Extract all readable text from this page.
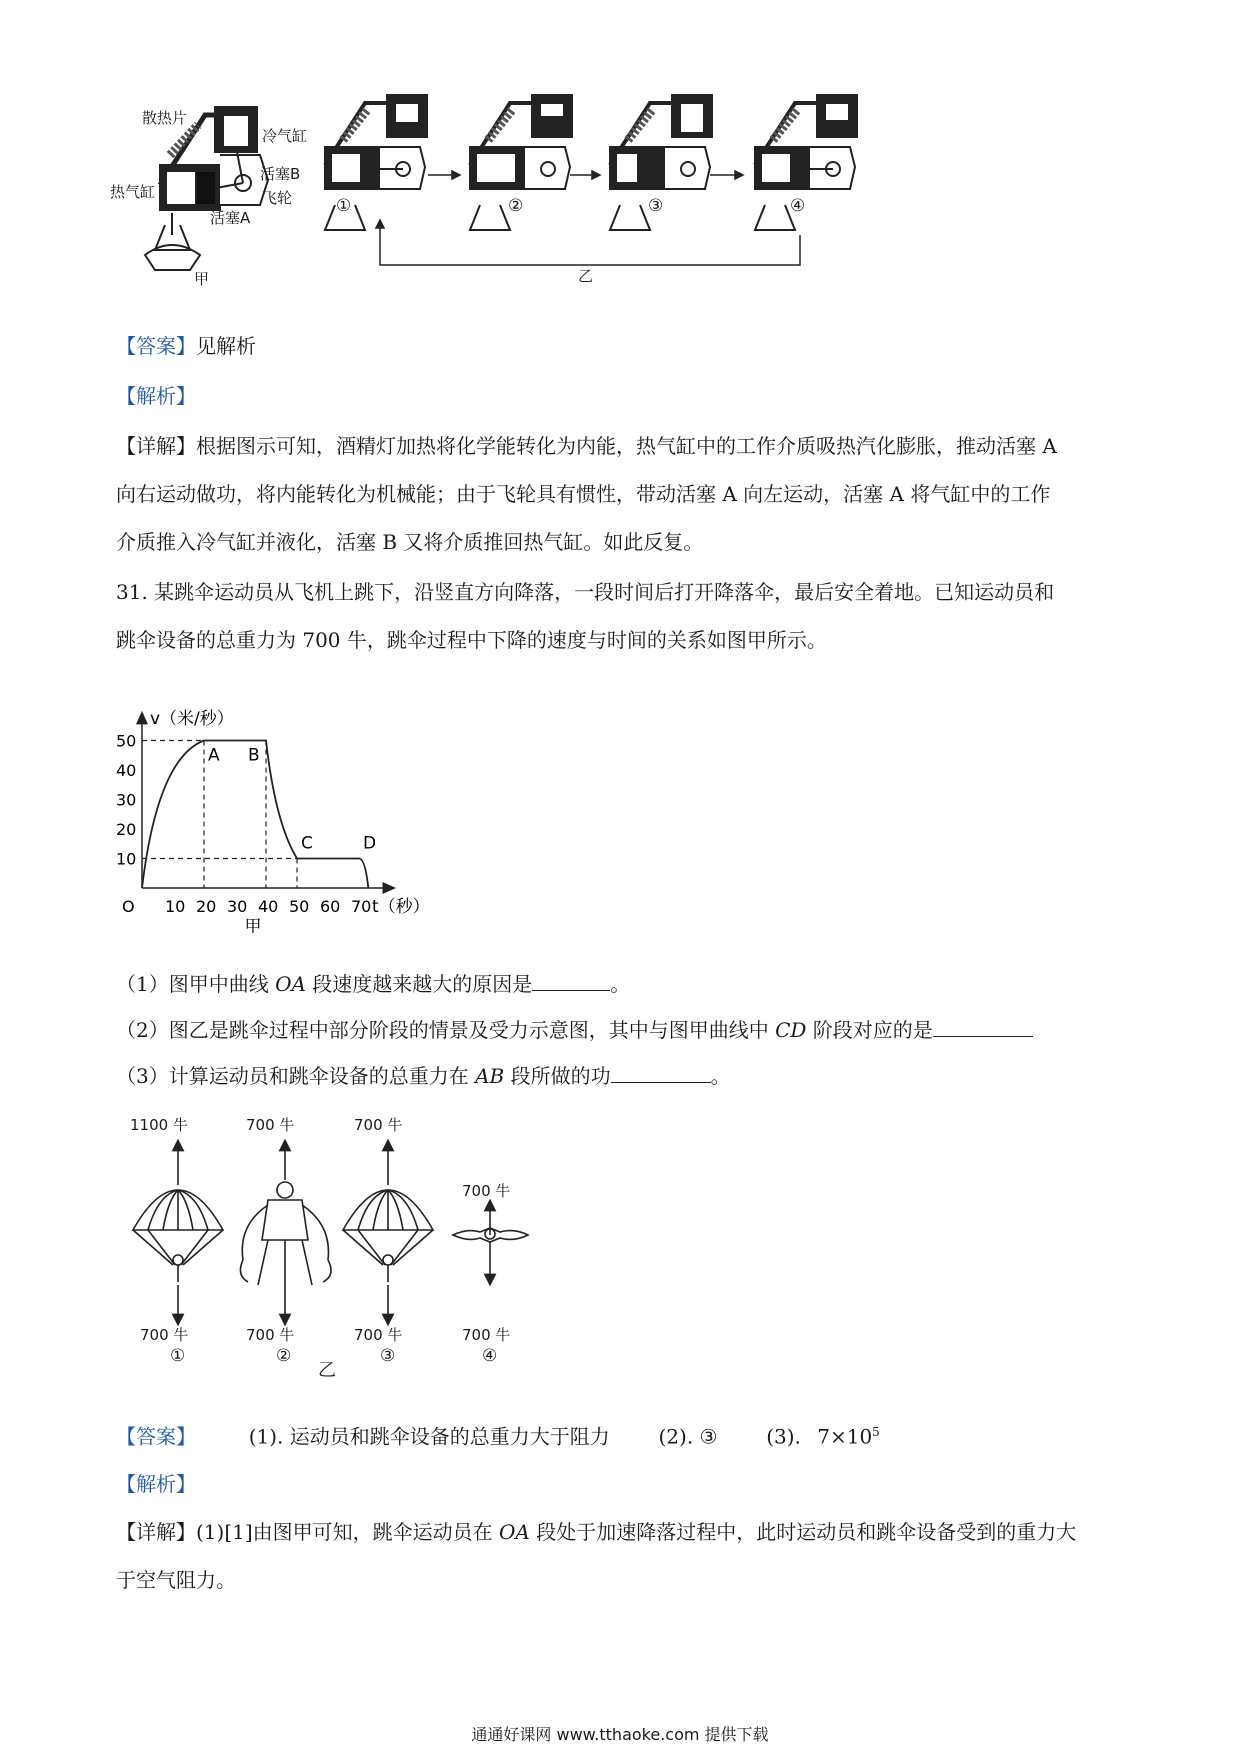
散热片
冷气缸
活塞B
飞轮
热气缸
活塞A
甲
①	②	③	④
乙
【答案】见解析
【解析】
【详解】根据图示可知，酒精灯加热将化学能转化为内能，热气缸中的工作介质吸热汽化膨胀，推动活塞 A
向右运动做功，将内能转化为机械能；由于飞轮具有惯性，带动活塞 A 向左运动，活塞 A 将气缸中的工作
介质推入冷气缸并液化，活塞 B 又将介质推回热气缸。如此反复。
31. 某跳伞运动员从飞机上跳下，沿竖直方向降落，一段时间后打开降落伞，最后安全着地。已知运动员和
跳伞设备的总重力为 700 牛，跳伞过程中下降的速度与时间的关系如图甲所示。
v（米/秒）
t（秒）
O 10 20 30 40 50 60 70
10
20
30
40
50
A B
C	D
甲
（1）图甲中曲线 OA 段速度越来越大的原因是	。
（2）图乙是跳伞过程中部分阶段的情景及受力示意图，其中与图甲曲线中 CD 阶段对应的是
（3）计算运动员和跳伞设备的总重力在 AB 段所做的功	。
1100 牛
700 牛
①
700 牛
700 牛
②
700 牛
700 牛
③
700 牛
700 牛
④
乙
【答案】	(1). 运动员和跳伞设备的总重力大于阻力 (2). ③ (3). $7\times 10^5$
【解析】
【详解】(1)[1]由图甲可知，跳伞运动员在 OA 段处于加速降落过程中，此时运动员和跳伞设备受到的重力大
于空气阻力。
通通好课网 www.tthaoke.com 提供下载
